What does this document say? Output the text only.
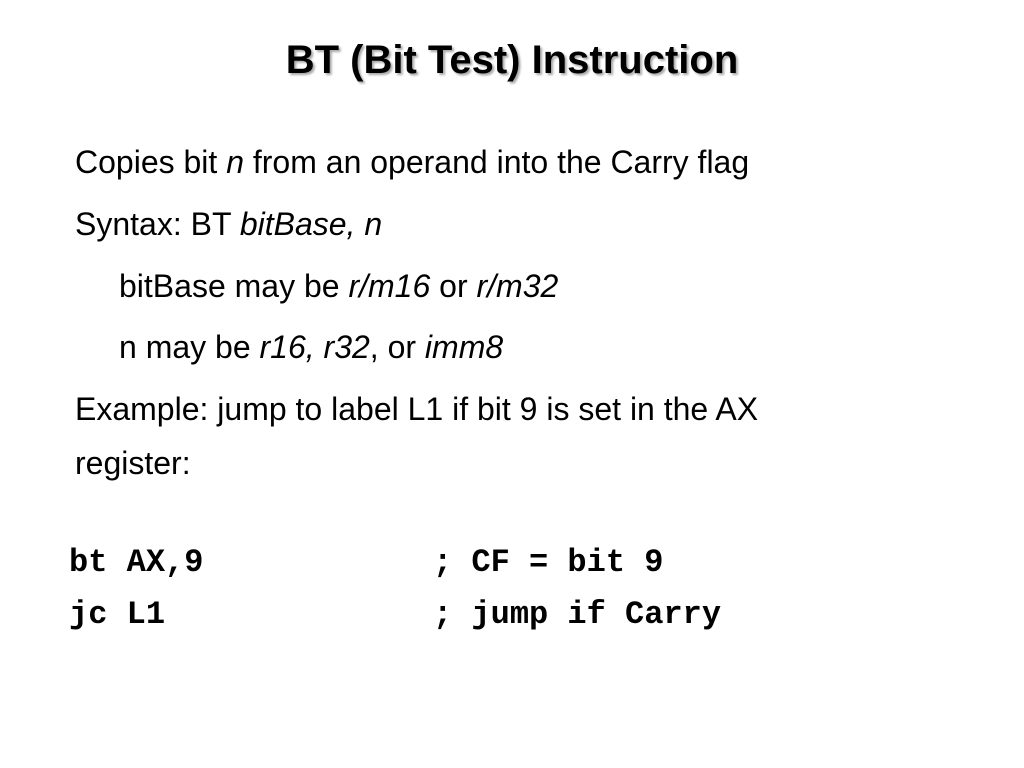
BT (Bit Test) Instruction
Copies bit n from an operand into the Carry flag
Syntax: BT bitBase, n
bitBase may be r/m16 or r/m32
n may be r16, r32, or imm8
Example: jump to label L1 if bit 9 is set in the AX
register:
bt AX,9	; CF = bit 9
jc L1	; jump if Carry
